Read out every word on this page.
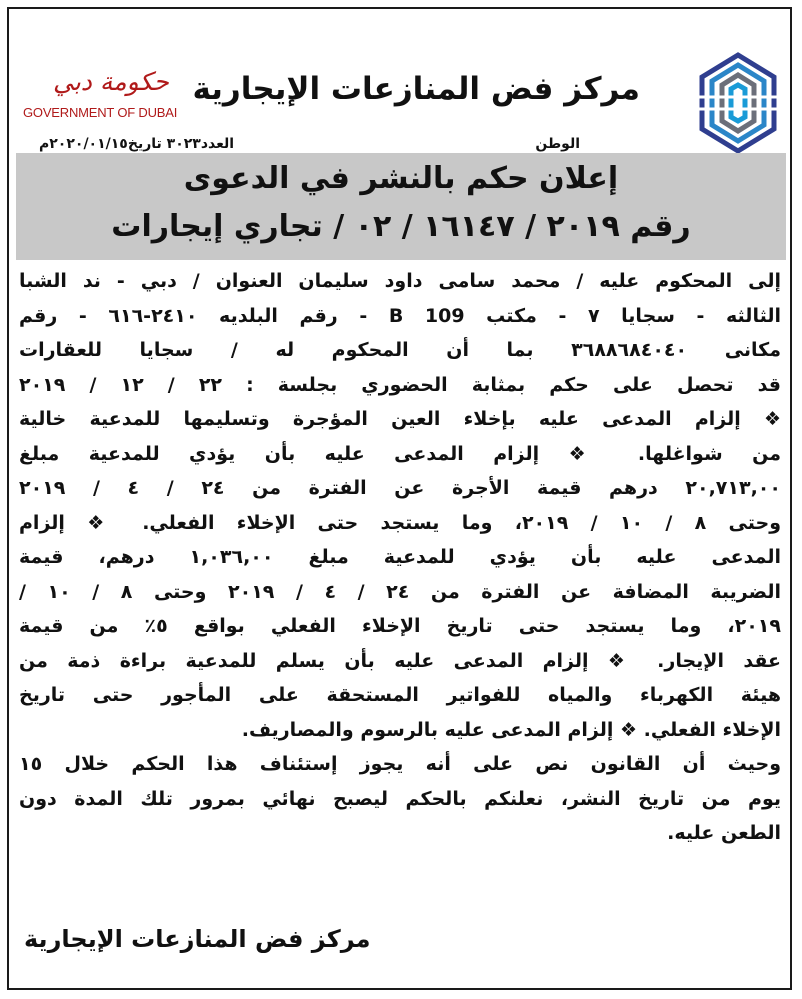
مركز فض المنازعات الإيجارية
حكومة دبي
GOVERNMENT OF DUBAI
الوطن
العدد٣٠٢٣ تاريخ٢٠٢٠/٠١/١٥م
إعلان حكم بالنشر في الدعوى
رقم ٢٠١٩ / ١٦١٤٧ / ٠٢ / تجاري إيجارات
إلى المحكوم عليه / محمد سامى داود سليمان العنوان / دبي - ند الشبا
الثالثه - سجايا ٧ - مكتب B 109 - رقم البلديه ٢٤١٠-٦١٦ - رقم
مكانى ٣٦٨٨٦٨٤٠٤٠ بما أن المحكوم له / سجايا للعقارات
قد تحصل على حكم بمثابة الحضوري بجلسة : ٢٢ / ١٢ / ٢٠١٩
❖ إلزام المدعى عليه بإخلاء العين المؤجرة وتسليمها للمدعية خالية
من شواغلها. ❖ إلزام المدعى عليه بأن يؤدي للمدعية مبلغ
٢٠,٧١٣,٠٠ درهم قيمة الأجرة عن الفترة من ٢٤ / ٤ / ٢٠١٩
وحتى ٨ / ١٠ / ٢٠١٩، وما يستجد حتى الإخلاء الفعلي. ❖ إلزام
المدعى عليه بأن يؤدي للمدعية مبلغ ١,٠٣٦,٠٠ درهم، قيمة
الضريبة المضافة عن الفترة من ٢٤ / ٤ / ٢٠١٩ وحتى ٨ / ١٠ /
٢٠١٩، وما يستجد حتى تاريخ الإخلاء الفعلي بواقع ٥٪ من قيمة
عقد الإيجار. ❖ إلزام المدعى عليه بأن يسلم للمدعية براءة ذمة من
هيئة الكهرباء والمياه للفواتير المستحقة على المأجور حتى تاريخ
الإخلاء الفعلي. ❖ إلزام المدعى عليه بالرسوم والمصاريف.
وحيث أن القانون نص على أنه يجوز إستئناف هذا الحكم خلال ١٥
يوم من تاريخ النشر، نعلنكم بالحكم ليصبح نهائي بمرور تلك المدة دون
الطعن عليه.
مركز فض المنازعات الإيجارية
